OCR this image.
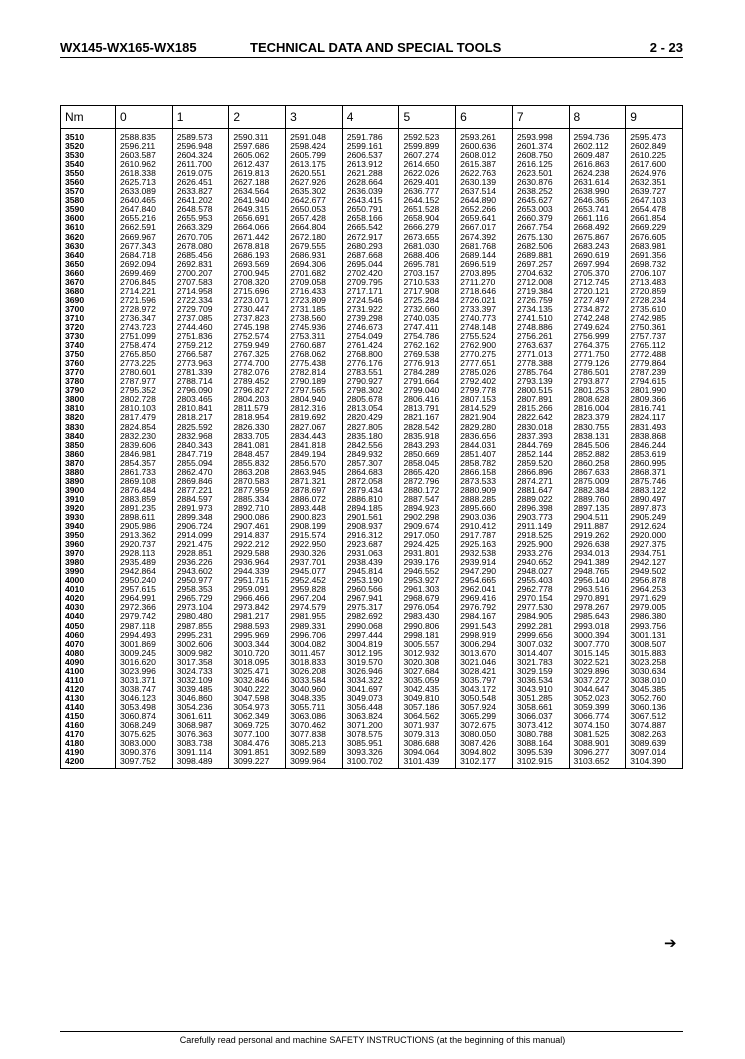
WX145-WX165-WX185	TECHNICAL DATA AND SPECIAL TOOLS	2 - 23
Nm	0	1	2	3	4	5	6	7	8	9
3510	2588.835	2589.573	2590.311	2591.048	2591.786	2592.523	2593.261	2593.998	2594.736	2595.473
3520	2596.211	2596.948	2597.686	2598.424	2599.161	2599.899	2600.636	2601.374	2602.112	2602.849
3530	2603.587	2604.324	2605.062	2605.799	2606.537	2607.274	2608.012	2608.750	2609.487	2610.225
3540	2610.962	2611.700	2612.437	2613.175	2613.912	2614.650	2615.387	2616.125	2616.863	2617.600
3550	2618.338	2619.075	2619.813	2620.551	2621.288	2622.026	2622.763	2623.501	2624.238	2624.976
3560	2625.713	2626.451	2627.188	2627.926	2628.664	2629.401	2630.139	2630.876	2631.614	2632.351
3570	2633.089	2633.827	2634.564	2635.302	2636.039	2636.777	2637.514	2638.252	2638.990	2639.727
3580	2640.465	2641.202	2641.940	2642.677	2643.415	2644.152	2644.890	2645.627	2646.365	2647.103
3590	2647.840	2648.578	2649.315	2650.053	2650.791	2651.528	2652.266	2653.003	2653.741	2654.478
3600	2655.216	2655.953	2656.691	2657.428	2658.166	2658.904	2659.641	2660.379	2661.116	2661.854
3610	2662.591	2663.329	2664.066	2664.804	2665.542	2666.279	2667.017	2667.754	2668.492	2669.229
3620	2669.967	2670.705	2671.442	2672.180	2672.917	2673.655	2674.392	2675.130	2675.867	2676.605
3630	2677.343	2678.080	2678.818	2679.555	2680.293	2681.030	2681.768	2682.506	2683.243	2683.981
3640	2684.718	2685.456	2686.193	2686.931	2687.668	2688.406	2689.144	2689.881	2690.619	2691.356
3650	2692.094	2692.831	2693.569	2694.306	2695.044	2695.781	2696.519	2697.257	2697.994	2698.732
3660	2699.469	2700.207	2700.945	2701.682	2702.420	2703.157	2703.895	2704.632	2705.370	2706.107
3670	2706.845	2707.583	2708.320	2709.058	2709.795	2710.533	2711.270	2712.008	2712.745	2713.483
3680	2714.221	2714.958	2715.696	2716.433	2717.171	2717.908	2718.646	2719.384	2720.121	2720.859
3690	2721.596	2722.334	2723.071	2723.809	2724.546	2725.284	2726.021	2726.759	2727.497	2728.234
3700	2728.972	2729.709	2730.447	2731.185	2731.922	2732.660	2733.397	2734.135	2734.872	2735.610
3710	2736.347	2737.085	2737.823	2738.560	2739.298	2740.035	2740.773	2741.510	2742.248	2742.985
3720	2743.723	2744.460	2745.198	2745.936	2746.673	2747.411	2748.148	2748.886	2749.624	2750.361
3730	2751.099	2751.836	2752.574	2753.311	2754.049	2754.786	2755.524	2756.261	2756.999	2757.737
3740	2758.474	2759.212	2759.949	2760.687	2761.424	2762.162	2762.900	2763.637	2764.375	2765.112
3750	2765.850	2766.587	2767.325	2768.062	2768.800	2769.538	2770.275	2771.013	2771.750	2772.488
3760	2773.225	2773.963	2774.700	2775.438	2776.176	2776.913	2777.651	2778.388	2779.126	2779.864
3770	2780.601	2781.339	2782.076	2782.814	2783.551	2784.289	2785.026	2785.764	2786.501	2787.239
3780	2787.977	2788.714	2789.452	2790.189	2790.927	2791.664	2792.402	2793.139	2793.877	2794.615
3790	2795.352	2796.090	2796.827	2797.565	2798.302	2799.040	2799.778	2800.515	2801.253	2801.990
3800	2802.728	2803.465	2804.203	2804.940	2805.678	2806.416	2807.153	2807.891	2808.628	2809.366
3810	2810.103	2810.841	2811.579	2812.316	2813.054	2813.791	2814.529	2815.266	2816.004	2816.741
3820	2817.479	2818.217	2818.954	2819.692	2820.429	2821.167	2821.904	2822.642	2823.379	2824.117
3830	2824.854	2825.592	2826.330	2827.067	2827.805	2828.542	2829.280	2830.018	2830.755	2831.493
3840	2832.230	2832.968	2833.705	2834.443	2835.180	2835.918	2836.656	2837.393	2838.131	2838.868
3850	2839.606	2840.343	2841.081	2841.818	2842.556	2843.293	2844.031	2844.769	2845.506	2846.244
3860	2846.981	2847.719	2848.457	2849.194	2849.932	2850.669	2851.407	2852.144	2852.882	2853.619
3870	2854.357	2855.094	2855.832	2856.570	2857.307	2858.045	2858.782	2859.520	2860.258	2860.995
3880	2861.733	2862.470	2863.208	2863.945	2864.683	2865.420	2866.158	2866.896	2867.633	2868.371
3890	2869.108	2869.846	2870.583	2871.321	2872.058	2872.796	2873.533	2874.271	2875.009	2875.746
3900	2876.484	2877.221	2877.959	2878.697	2879.434	2880.172	2880.909	2881.647	2882.384	2883.122
3910	2883.859	2884.597	2885.334	2886.072	2886.810	2887.547	2888.285	2889.022	2889.760	2890.497
3920	2891.235	2891.973	2892.710	2893.448	2894.185	2894.923	2895.660	2896.398	2897.135	2897.873
3930	2898.611	2899.348	2900.086	2900.823	2901.561	2902.298	2903.036	2903.773	2904.511	2905.249
3940	2905.986	2906.724	2907.461	2908.199	2908.937	2909.674	2910.412	2911.149	2911.887	2912.624
3950	2913.362	2914.099	2914.837	2915.574	2916.312	2917.050	2917.787	2918.525	2919.262	2920.000
3960	2920.737	2921.475	2922.212	2922.950	2923.687	2924.425	2925.163	2925.900	2926.638	2927.375
3970	2928.113	2928.851	2929.588	2930.326	2931.063	2931.801	2932.538	2933.276	2934.013	2934.751
3980	2935.489	2936.226	2936.964	2937.701	2938.439	2939.176	2939.914	2940.652	2941.389	2942.127
3990	2942.864	2943.602	2944.339	2945.077	2945.814	2946.552	2947.290	2948.027	2948.765	2949.502
4000	2950.240	2950.977	2951.715	2952.452	2953.190	2953.927	2954.665	2955.403	2956.140	2956.878
4010	2957.615	2958.353	2959.091	2959.828	2960.566	2961.303	2962.041	2962.778	2963.516	2964.253
4020	2964.991	2965.729	2966.466	2967.204	2967.941	2968.679	2969.416	2970.154	2970.891	2971.629
4030	2972.366	2973.104	2973.842	2974.579	2975.317	2976.054	2976.792	2977.530	2978.267	2979.005
4040	2979.742	2980.480	2981.217	2981.955	2982.692	2983.430	2984.167	2984.905	2985.643	2986.380
4050	2987.118	2987.855	2988.593	2989.331	2990.068	2990.806	2991.543	2992.281	2993.018	2993.756
4060	2994.493	2995.231	2995.969	2996.706	2997.444	2998.181	2998.919	2999.656	3000.394	3001.131
4070	3001.869	3002.606	3003.344	3004.082	3004.819	3005.557	3006.294	3007.032	3007.770	3008.507
4080	3009.245	3009.982	3010.720	3011.457	3012.195	3012.932	3013.670	3014.407	3015.145	3015.883
4090	3016.620	3017.358	3018.095	3018.833	3019.570	3020.308	3021.046	3021.783	3022.521	3023.258
4100	3023.996	3024.733	3025.471	3026.208	3026.946	3027.684	3028.421	3029.159	3029.896	3030.634
4110	3031.371	3032.109	3032.846	3033.584	3034.322	3035.059	3035.797	3036.534	3037.272	3038.010
4120	3038.747	3039.485	3040.222	3040.960	3041.697	3042.435	3043.172	3043.910	3044.647	3045.385
4130	3046.123	3046.860	3047.598	3048.335	3049.073	3049.810	3050.548	3051.285	3052.023	3052.760
4140	3053.498	3054.236	3054.973	3055.711	3056.448	3057.186	3057.924	3058.661	3059.399	3060.136
4150	3060.874	3061.611	3062.349	3063.086	3063.824	3064.562	3065.299	3066.037	3066.774	3067.512
4160	3068.249	3068.987	3069.725	3070.462	3071.200	3071.937	3072.675	3073.412	3074.150	3074.887
4170	3075.625	3076.363	3077.100	3077.838	3078.575	3079.313	3080.050	3080.788	3081.525	3082.263
4180	3083.000	3083.738	3084.476	3085.213	3085.951	3086.688	3087.426	3088.164	3088.901	3089.639
4190	3090.376	3091.114	3091.851	3092.589	3093.326	3094.064	3094.802	3095.539	3096.277	3097.014
4200	3097.752	3098.489	3099.227	3099.964	3100.702	3101.439	3102.177	3102.915	3103.652	3104.390
➔
Carefully read personal and machine SAFETY INSTRUCTIONS (at the beginning of this manual)
